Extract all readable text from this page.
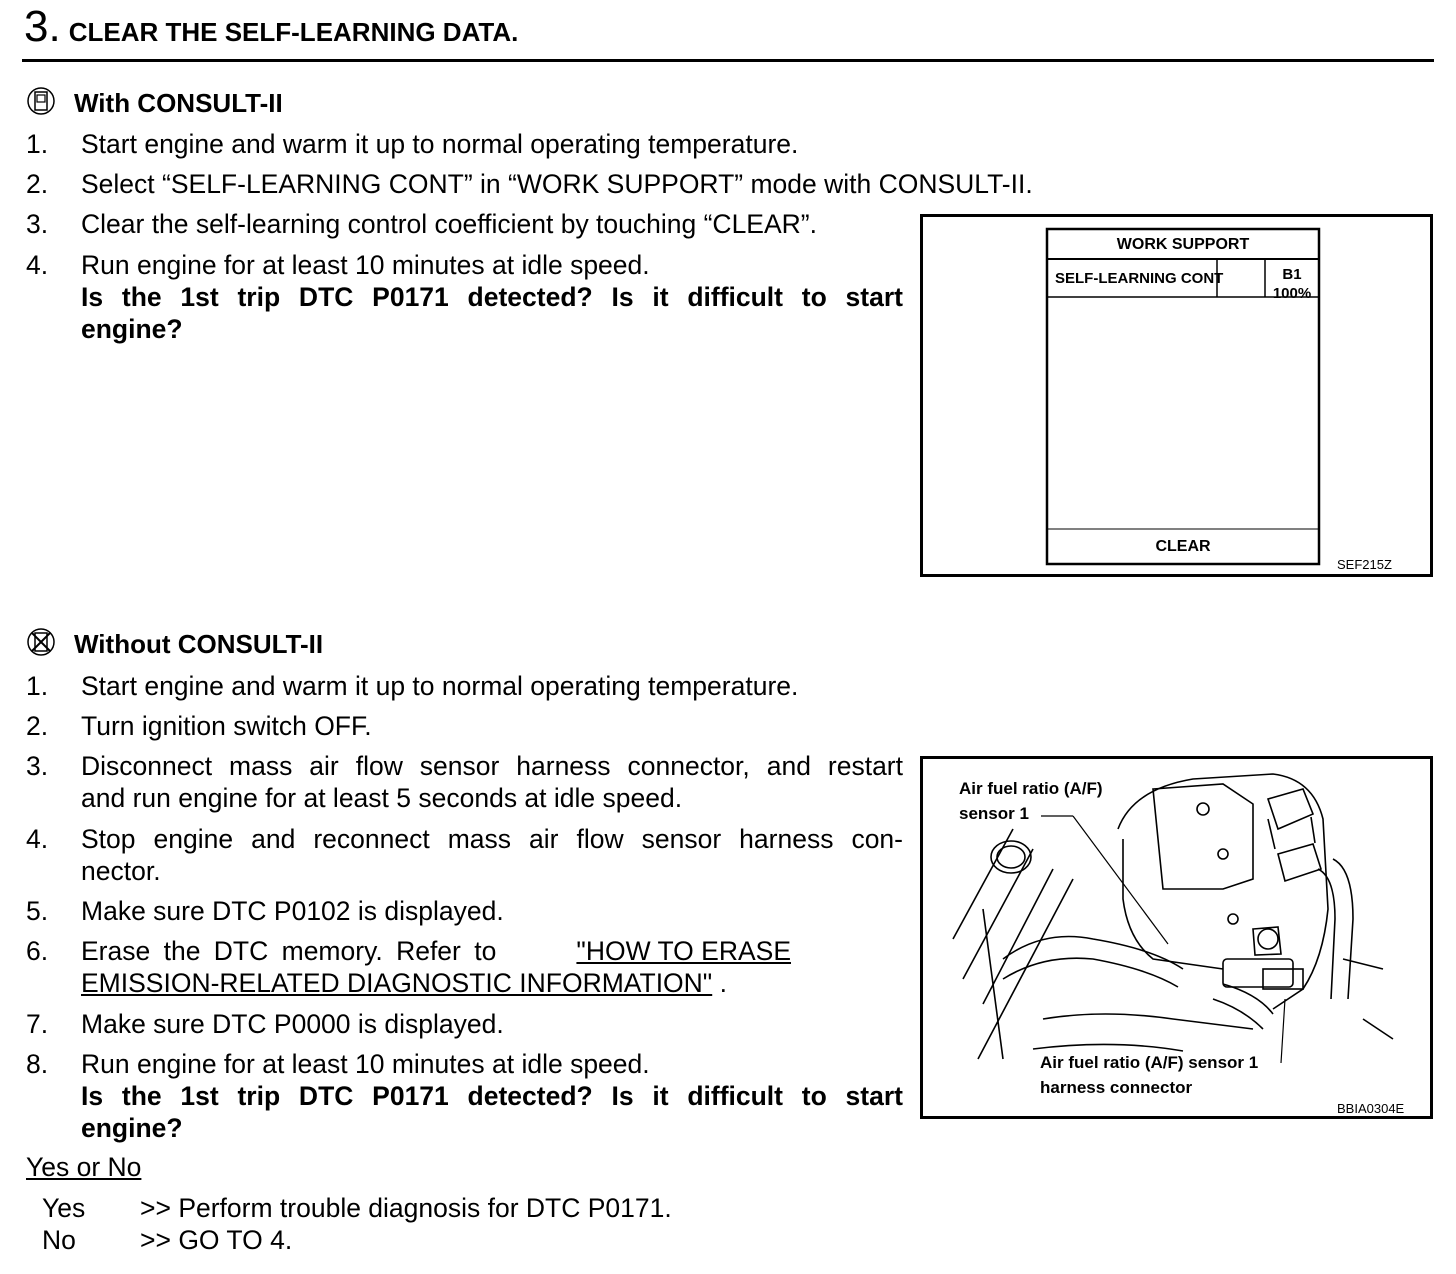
3. CLEAR THE SELF-LEARNING DATA.
With CONSULT-II
1. Start engine and warm it up to normal operating temperature.
2. Select “SELF-LEARNING CONT” in “WORK SUPPORT” mode with CONSULT-II.
3. Clear the self-learning control coefficient by touching “CLEAR”.
4. Run engine for at least 10 minutes at idle speed.
Is the 1st trip DTC P0171 detected? Is it difficult to start
engine?
WORK SUPPORT
SELF-LEARNING CONT	B1
100%
CLEAR
SEF215Z
Without CONSULT-II
1. Start engine and warm it up to normal operating temperature.
2. Turn ignition switch OFF.
3. Disconnect mass air flow sensor harness connector, and restart
and run engine for at least 5 seconds at idle speed.
4. Stop engine and reconnect mass air flow sensor harness con-
nector.
5. Make sure DTC P0102 is displayed.
6. Erase the DTC memory. Refer to	"HOW TO ERASE
EMISSION-RELATED DIAGNOSTIC INFORMATION" .
7. Make sure DTC P0000 is displayed.
8. Run engine for at least 10 minutes at idle speed.
Is the 1st trip DTC P0171 detected? Is it difficult to start
engine?
Air fuel ratio (A/F)
sensor 1
Air fuel ratio (A/F) sensor 1
harness connector
BBIA0304E
Yes or No
Yes >> Perform trouble diagnosis for DTC P0171.
No >> GO TO 4.
